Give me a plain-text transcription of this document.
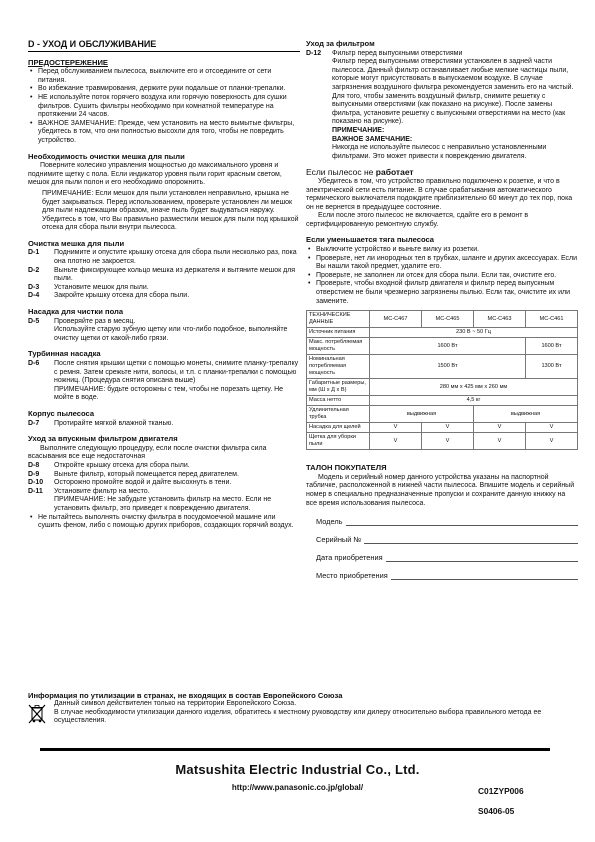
D - УХОД И ОБСЛУЖИВАНИЕ
ПРЕДОСТЕРЕЖЕНИЕ

• Перед обслуживанием пылесоса, выключите его и отсоедините от сети питания.

• Во избежание травмирования, держите руки подальше от планки-трепалки.

• НЕ используйте поток горячего воздуха или горячую поверхность для сушки фильтров. Сушить фильтры необходимо при комнатной температуре на протяжении 24 часов.

• ВАЖНОЕ ЗАМЕЧАНИЕ: Прежде, чем установить на место вымытые фильтры, убедитесь в том, что они полностью высохли для того, чтобы не повредить устройство.

Необходимость очистки мешка для пыли

Поверните колесико управления мощностью до максимального уровня и поднимите щетку с пола. Если индикатор уровня пыли горит красным светом, мешок для пыли полон и его необходимо опорожнить.

ПРИМЕЧАНИЕ: Если мешок для пыли установлен неправильно, крышка не будет закрываться. Перед использованием, проверьте установлен ли мешок для пыли надлежащим образом, иначе пыль будет выдуваться наружу. Убедитесь в том, что Вы правильно разместили мешок для пыли под крышкой отсека для сбора пыли внутри пылесоса.

Очистка мешка для пыли

D-1 Поднимите и опустите крышку отсека для сбора пыли несколько раз, пока она плотно не закроется.

D-2 Выньте фиксирующее кольцо мешка из держателя и вытяните мешок для пыли.

D-3 Установите мешок для пыли.

D-4 Закройте крышку отсека для сбора пыли.

Насадка для чистки пола

D-5 Проверяйте раз в месяц.

Используйте старую зубную щетку или что-либо подобное, выполняйте очистку щетки от какой-либо грязи.

Турбинная насадка

D-6 После снятия крышки щетки с помощью монеты, снимите планку-трепалку с ремня. Затем срежьте нити, волосы, и т.п. с планки-трепалки с помощью ножниц. (Процедура снятия описана выше)

ПРИМЕЧАНИЕ: будьте осторожны с тем, чтобы не порезать щетку. Не мойте в воде.

Корпус пылесоса

D-7 Протирайте мягкой влажной тканью.

Уход за впускным фильтром двигателя

Выполните следующую процедуру, если после очистки фильтра сила всасывания все еще недостаточная

D-8 Откройте крышку отсека для сбора пыли.

D-9 Выньте фильтр, который помещается перед двигателем.

D-10 Осторожно промойте водой и дайте высохнуть в тени.

D-11 Установите фильтр на место.

ПРИМЕЧАНИЕ: Не забудьте установить фильтр на место. Если не установить фильтр, это приведет к повреждению двигателя.

• Не пытайтесь выполнять очистку фильтра в посудомоечной машине или сушить феном, либо с помощью других приборов, создающих горячий воздух.

Уход за фильтром

D-12 Фильтр перед выпускными отверстиями

Фильтр перед выпускными отверстиями установлен в задней части пылесоса. Данный фильтр останавливает любые мелкие частицы пыли, которые могут присутствовать в выпускаемом воздухе. В случае загрязнения воздушного фильтра рекомендуется заменить его на чистый. Для того, чтобы заменить воздушный фильтр, снимите решетку с выпускными отверстиями (как показано на рисунке). После замены фильтра, установите решетку с выпускными отверстиями на место (как показано на рисунке).

ПРИМЕЧАНИЕ:

ВАЖНОЕ ЗАМЕЧАНИЕ:

Никогда не используйте пылесос с неправильно установленными фильтрами. Это может привести к повреждению двигателя.

Если пылесос не работает

Убедитесь в том, что устройство правильно подключено к розетке, и что в электрической сети есть питание. В случае срабатывания автоматического термического выключателя подождите приблизительно 60 минут до тех пор, пока он не вернется в предыдущее состояние.

Если после этого пылесос не включается, сдайте его в ремонт в сертифицированную ремонтную службу.

Если уменьшается тяга пылесоса

• Выключите устройство и выньте вилку из розетки.

• Проверьте, нет ли инородных тел в трубках, шланге и других аксессуарах. Если Вы нашли такой предмет, удалите его.

• Проверьте, не заполнен ли отсек для сбора пыли. Если так, очистите его.

• Проверьте, чтобы входной фильтр двигателя и фильтр перед выпускным отверстием не были чрезмерно загрязнены пылью. Если так, очистите их или замените.

ТЕХНИЧЕСКИЕ ДАННЫЕ	MC-C467	MC-C465	MC-C463	MC-C461
Источник питания	230 В ~ 50 Гц			
Макс. потребляемая мощность	1600 Вт			1600 Вт
Номинальная потребляемая мощность	1500 Вт			1300 Вт
Габаритные размеры, мм (Ш x Д x В)	280 мм x 425 мм x 260 мм			
Масса нетто	4,5 кг			
Удлинительная трубка	выдвижная		выдвижная	
Насадка для щелей	V	V	V	V
Щетка для уборки пыли	V	V	V	V
ТАЛОН ПОКУПАТЕЛЯ

Модель и серийный номер данного устройства указаны на паспортной табличке, расположенной в нижней части пылесоса. Впишите модель и серийный номер в специально предназначенные пропуски и сохраните данную книжку на все время использования пылесоса.

Модель
Серийный №
Дата приобретения
Место приобретения
Информация по утилизации в странах, не входящих в состав Европейского Союза
Данный символ действителен только на территории Европейского Союза.
В случае необходимости утилизации данного изделия, обратитесь к местному руководству или дилеру относительно выбора правильного метода ее осуществления.
Matsushita Electric Industrial Co., Ltd.
http://www.panasonic.co.jp/global/	C01ZYP006
S0406-05
